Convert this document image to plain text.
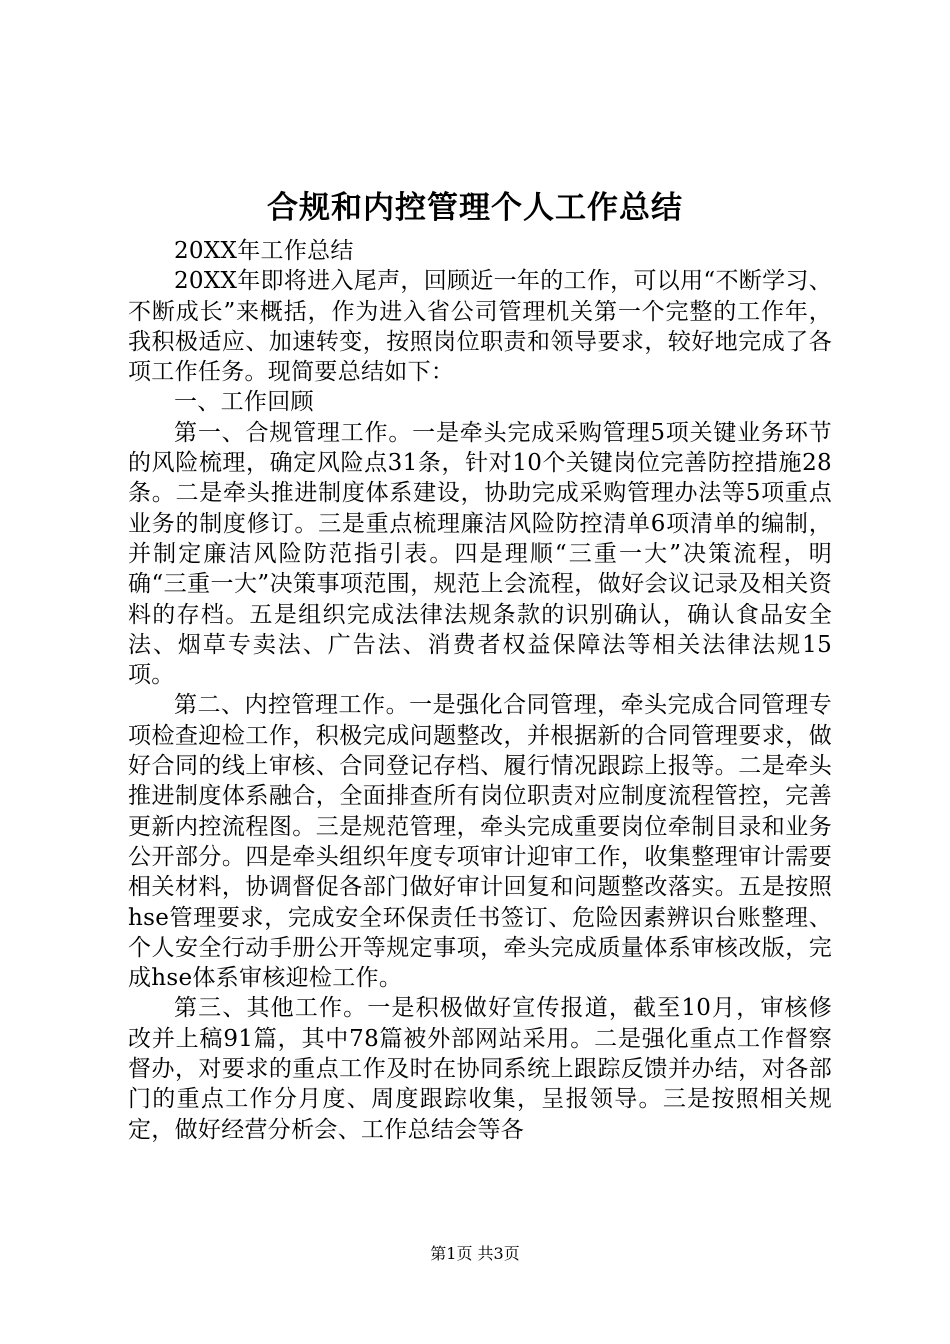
合规和内控管理个人工作总结

20XX年工作总结

20XX年即将进入尾声，回顾近一年的工作，可以用“不断学习、不断成长”来概括，作为进入省公司管理机关第一个完整的工作年，我积极适应、加速转变，按照岗位职责和领导要求，较好地完成了各项工作任务。现简要总结如下：

一、工作回顾

第一、合规管理工作。一是牵头完成采购管理5项关键业务环节的风险梳理，确定风险点31条，针对10个关键岗位完善防控措施28条。二是牵头推进制度体系建设，协助完成采购管理办法等5项重点业务的制度修订。三是重点梳理廉洁风险防控清单6项清单的编制，并制定廉洁风险防范指引表。四是理顺“三重一大”决策流程，明确“三重一大”决策事项范围，规范上会流程，做好会议记录及相关资料的存档。五是组织完成法律法规条款的识别确认，确认食品安全法、烟草专卖法、广告法、消费者权益保障法等相关法律法规15项。

第二、内控管理工作。一是强化合同管理，牵头完成合同管理专项检查迎检工作，积极完成问题整改，并根据新的合同管理要求，做好合同的线上审核、合同登记存档、履行情况跟踪上报等。二是牵头推进制度体系融合，全面排查所有岗位职责对应制度流程管控，完善更新内控流程图。三是规范管理，牵头完成重要岗位牵制目录和业务公开部分。四是牵头组织年度专项审计迎审工作，收集整理审计需要相关材料，协调督促各部门做好审计回复和问题整改落实。五是按照hse管理要求，完成安全环保责任书签订、危险因素辨识台账整理、个人安全行动手册公开等规定事项，牵头完成质量体系审核改版，完成hse体系审核迎检工作。

第三、其他工作。一是积极做好宣传报道，截至10月，审核修改并上稿91篇，其中78篇被外部网站采用。二是强化重点工作督察督办，对要求的重点工作及时在协同系统上跟踪反馈并办结，对各部门的重点工作分月度、周度跟踪收集，呈报领导。三是按照相关规定，做好经营分析会、工作总结会等各

第1页 共3页
